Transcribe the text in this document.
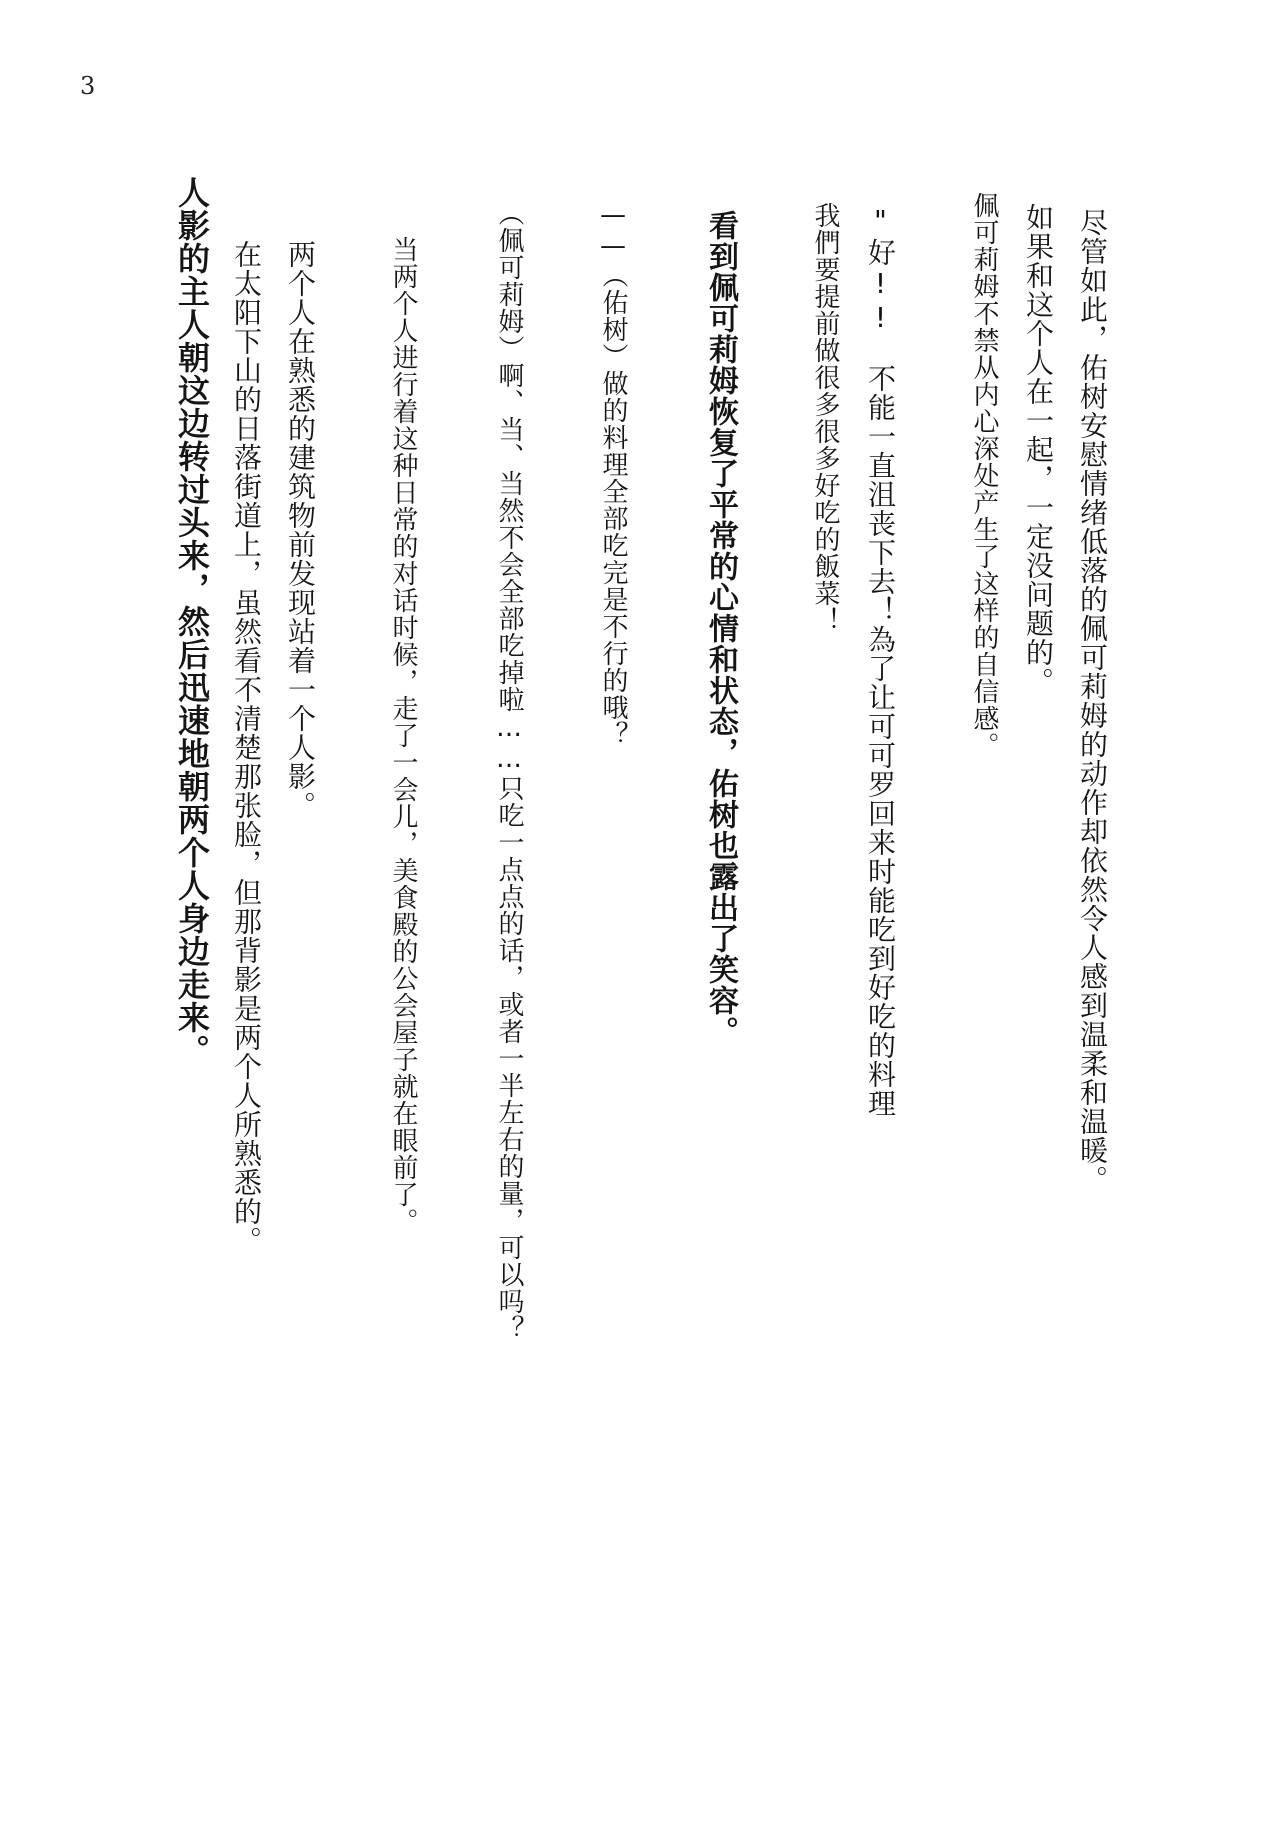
3
尽管如此，佑树安慰情绪低落的佩可莉姆的动作却依然令人感到温柔和温暖。
如果和这个人在一起，一定没问题的。
佩可莉姆不禁从内心深处产生了这样的自信感。
"好!!　不能一直沮丧下去！為了让可可罗回来时能吃到好吃的料理
我們要提前做很多很多好吃的飯菜！
看到佩可莉姆恢复了平常的心情和状态，佑树也露出了笑容。
——（佑树）做的料理全部吃完是不行的哦？
（佩可莉姆）啊、当、当然不会全部吃掉啦……只吃一点点的话，或者一半左右的量，可以吗？
当两个人进行着这种日常的对话时候，走了一会儿，美食殿的公会屋子就在眼前了。
两个人在熟悉的建筑物前发现站着一个人影。
在太阳下山的日落街道上，虽然看不清楚那张脸，但那背影是两个人所熟悉的。
人影的主人朝这边转过头来，然后迅速地朝两个人身边走来。
